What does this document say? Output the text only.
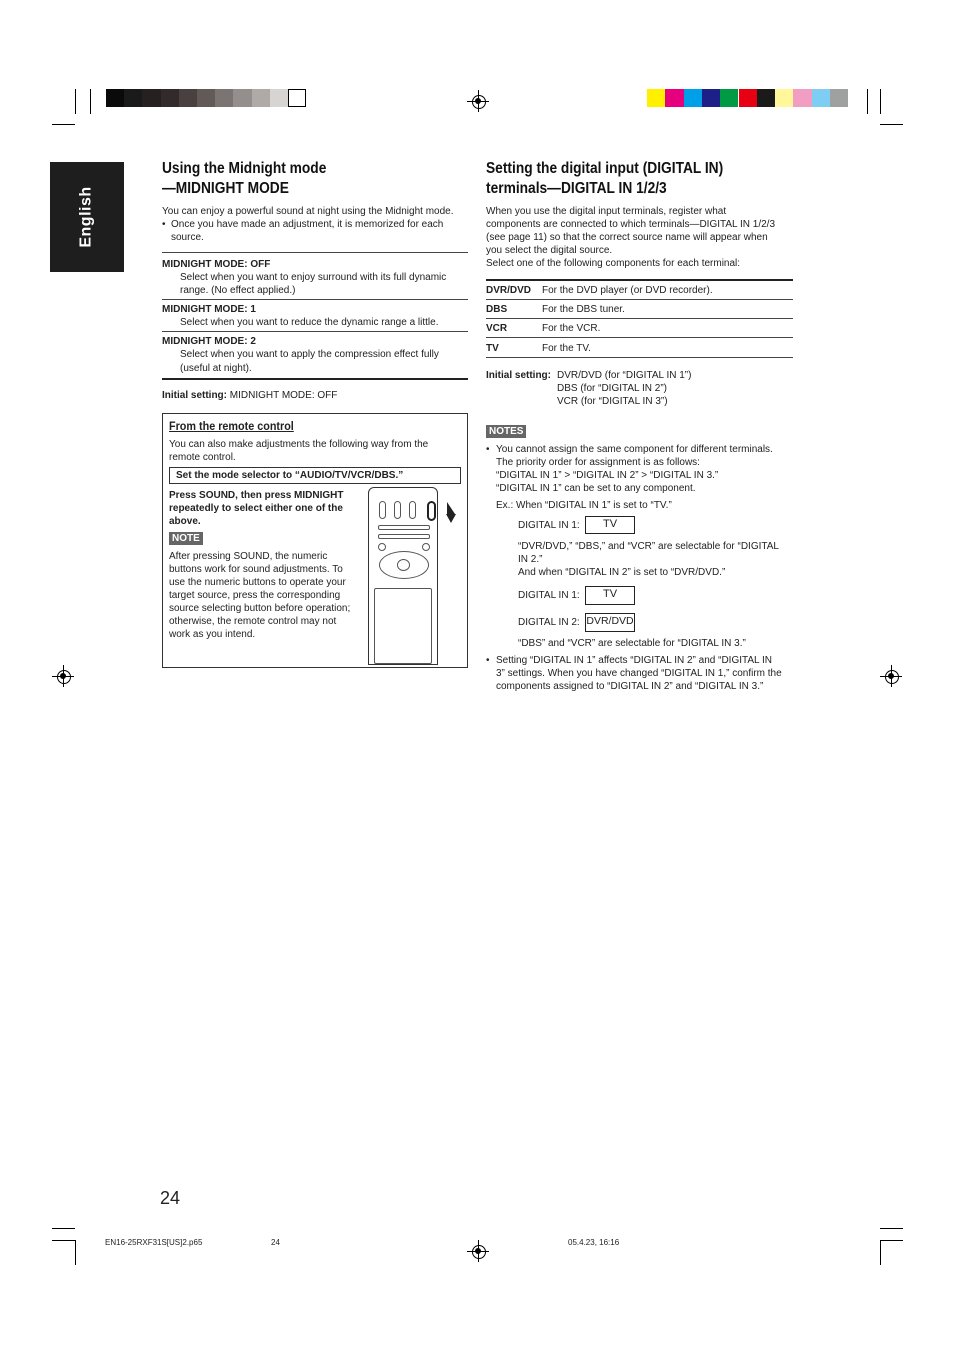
English
Using the Midnight mode
—MIDNIGHT MODE
You can enjoy a powerful sound at night using the Midnight mode.
• Once you have made an adjustment, it is memorized for each
source.
MIDNIGHT MODE: OFF
Select when you want to enjoy surround with its full dynamic
range. (No effect applied.)
MIDNIGHT MODE: 1
Select when you want to reduce the dynamic range a little.
MIDNIGHT MODE: 2
Select when you want to apply the compression effect fully
(useful at night).
Initial setting: MIDNIGHT MODE: OFF
From the remote control
You can also make adjustments the following way from the
remote control.
Set the mode selector to “AUDIO/TV/VCR/DBS.”
Press SOUND, then press MIDNIGHT
repeatedly to select either one of the
above.
NOTE
After pressing SOUND, the numeric
buttons work for sound adjustments. To
use the numeric buttons to operate your
target source, press the corresponding
source selecting button before operation;
otherwise, the remote control may not
work as you intend.
Setting the digital input (DIGITAL IN)
terminals—DIGITAL IN 1/2/3
When you use the digital input terminals, register what
components are connected to which terminals—DIGITAL IN 1/2/3
(see page 11) so that the correct source name will appear when
you select the digital source.
Select one of the following components for each terminal:
DVR/DVD For the DVD player (or DVD recorder).
DBS	For the DBS tuner.
VCR	For the VCR.
TV	For the TV.
Initial setting: DVR/DVD (for “DIGITAL IN 1”)
DBS (for “DIGITAL IN 2”)
VCR (for “DIGITAL IN 3”)
NOTES
• You cannot assign the same component for different terminals.
The priority order for assignment is as follows:
“DIGITAL IN 1” > “DIGITAL IN 2” > “DIGITAL IN 3.”
“DIGITAL IN 1” can be set to any component.
Ex.: When “DIGITAL IN 1” is set to “TV.”
DIGITAL IN 1:	TV
“DVR/DVD,” “DBS,” and “VCR” are selectable for “DIGITAL
IN 2.”
And when “DIGITAL IN 2” is set to “DVR/DVD.”
DIGITAL IN 1:	TV
DIGITAL IN 2: DVR/DVD
“DBS” and “VCR” are selectable for “DIGITAL IN 3.”
• Setting “DIGITAL IN 1” affects “DIGITAL IN 2” and “DIGITAL IN
3” settings. When you have changed “DIGITAL IN 1,” confirm the
components assigned to “DIGITAL IN 2” and “DIGITAL IN 3.”
24
EN16-25RXF31S[US]2.p65	24	05.4.23, 16:16
